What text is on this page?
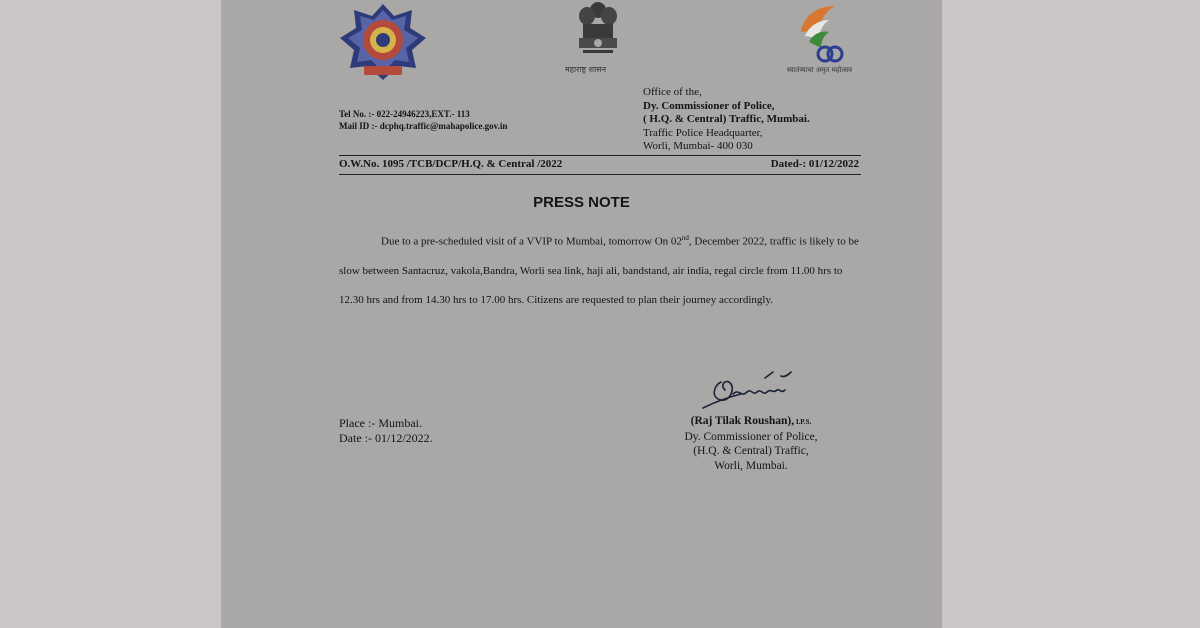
महाराष्ट्र शासन	स्वातंत्र्याचा अमृत महोत्सव
Tel No. :- 022-24946223,EXT.- 113
Mail ID :- dcphq.traffic@mahapolice.gov.in
Office of the,
Dy. Commissioner of Police,
( H.Q. & Central) Traffic, Mumbai.
Traffic Police Headquarter,
Worli, Mumbai- 400 030
O.W.No. 1095 /TCB/DCP/H.Q. & Central /2022	Dated-: 01/12/2022
PRESS NOTE
Due to a pre-scheduled visit of a VVIP to Mumbai, tomorrow On 02nd, December 2022, traffic is likely to be slow between Santacruz, vakola,Bandra, Worli sea link, haji ali, bandstand, air india, regal circle from 11.00 hrs to 12.30 hrs and from 14.30 hrs to 17.00 hrs. Citizens are requested to plan their journey accordingly.
Place :- Mumbai.
Date :- 01/12/2022.
(Raj Tilak Roushan), I.P.S.
Dy. Commissioner of Police,
(H.Q. & Central) Traffic,
Worli, Mumbai.
